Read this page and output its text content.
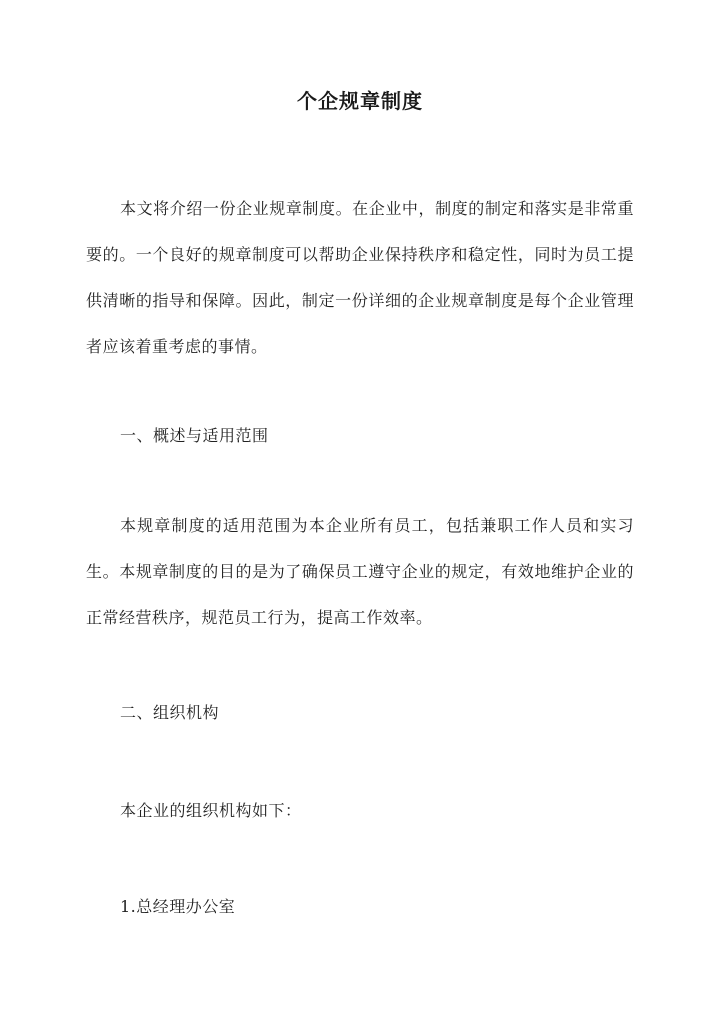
个企规章制度

本文将介绍一份企业规章制度。在企业中，制度的制定和落实是非常重要的。一个良好的规章制度可以帮助企业保持秩序和稳定性，同时为员工提供清晰的指导和保障。因此，制定一份详细的企业规章制度是每个企业管理者应该着重考虑的事情。

一、概述与适用范围

本规章制度的适用范围为本企业所有员工，包括兼职工作人员和实习生。本规章制度的目的是为了确保员工遵守企业的规定，有效地维护企业的正常经营秩序，规范员工行为，提高工作效率。

二、组织机构

本企业的组织机构如下：

1.总经理办公室
